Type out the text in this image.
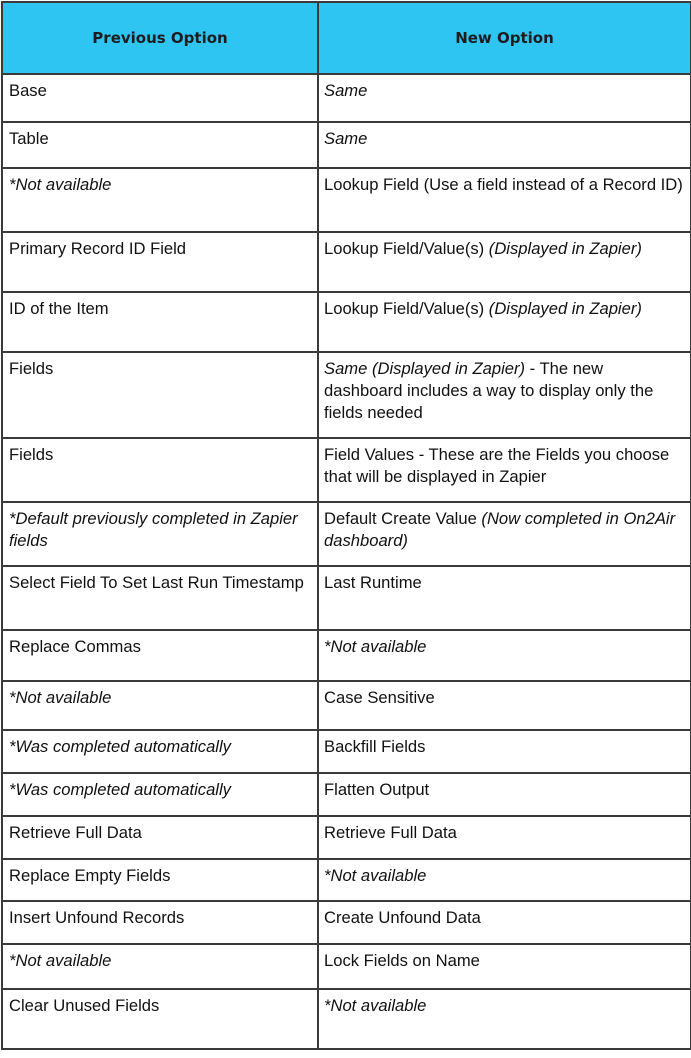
Previous Option	New Option
Base	Same
Table	Same
*Not available	Lookup Field (Use a field instead of a Record ID)
Primary Record ID Field	Lookup Field/Value(s) (Displayed in Zapier)
ID of the Item	Lookup Field/Value(s) (Displayed in Zapier)
Fields	Same (Displayed in Zapier) - The new dashboard includes a way to display only the fields needed
Fields	Field Values - These are the Fields you choose that will be displayed in Zapier
*Default previously completed in Zapier fields	Default Create Value (Now completed in On2Air dashboard)
Select Field To Set Last Run Timestamp	Last Runtime
Replace Commas	*Not available
*Not available	Case Sensitive
*Was completed automatically	Backfill Fields
*Was completed automatically	Flatten Output
Retrieve Full Data	Retrieve Full Data
Replace Empty Fields	*Not available
Insert Unfound Records	Create Unfound Data
*Not available	Lock Fields on Name
Clear Unused Fields	*Not available
